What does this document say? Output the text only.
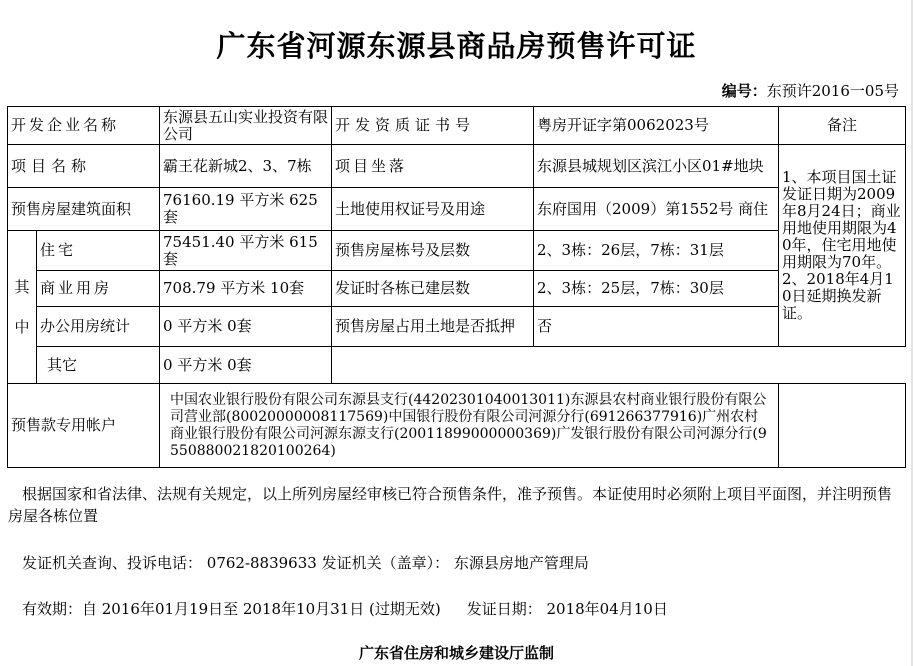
广东省河源东源县商品房预售许可证
编号：东预许2016一05号
开发企业名称		东源县五山实业投资有限公司	开发资质证书号	粤房开证字第0062023号	备注
项目名称		霸王花新城2、3、7栋	项目坐落	东源县城规划区滨江小区01#地块	1、本项目国土证发证日期为2009年8月24日；商业用地使用期限为40年，住宅用地使用期限为70年。2、2018年4月10日延期换发新证。
预售房屋建筑面积		76160.19 平方米 625 套	土地使用权证号及用途	东府国用（2009）第1552号 商住	
其中	住宅	75451.40 平方米 615 套	预售房屋栋号及层数	2、3栋：26层，7栋：31层	
	商业用房	708.79 平方米 10套	发证时各栋已建层数	2、3栋：25层，7栋：30层	
	办公用房统计	0 平方米 0套	预售房屋占用土地是否抵押	否	
	其它	0 平方米 0套			
预售款专用帐户		中国农业银行股份有限公司东源县支行(44202301040013011)东源县农村商业银行股份有限公司营业部(80020000008117569)中国银行股份有限公司河源分行(691266377916)广州农村商业银行股份有限公司河源东源支行(20011899000000369)广发银行股份有限公司河源分行(9550880021820100264)			
根据国家和省法律、法规有关规定，以上所列房屋经审核已符合预售条件，准予预售。本证使用时必须附上项目平面图，并注明预售房屋各栋位置
发证机关查询、投诉电话： 0762-8839633 发证机关（盖章）： 东源县房地产管理局
有效期：自 2016年01月19日至 2018年10月31日 (过期无效) 发证日期： 2018年04月10日
广东省住房和城乡建设厅监制
